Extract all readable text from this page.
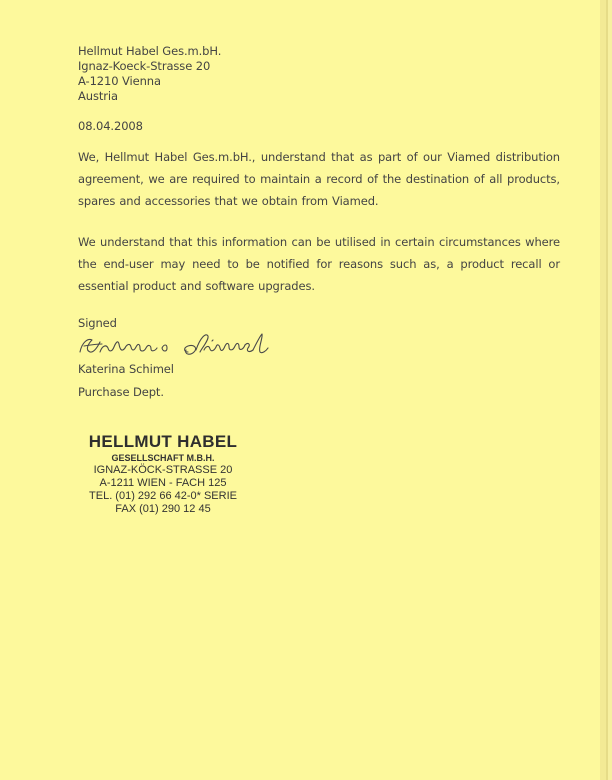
Hellmut Habel Ges.m.bH.
Ignaz-Koeck-Strasse 20
A-1210 Vienna
Austria
08.04.2008
We, Hellmut Habel Ges.m.bH., understand that as part of our Viamed distribution agreement, we are required to maintain a record of the destination of all products, spares and accessories that we obtain from Viamed.
We understand that this information can be utilised in certain circumstances where the end-user may need to be notified for reasons such as, a product recall or essential product and software upgrades.
Signed
Katerina Schimel
Purchase Dept.
HELLMUT HABEL
GESELLSCHAFT M.B.H.
IGNAZ-KÖCK-STRASSE 20
A-1211 WIEN - FACH 125
TEL. (01) 292 66 42-0* SERIE
FAX (01) 290 12 45
